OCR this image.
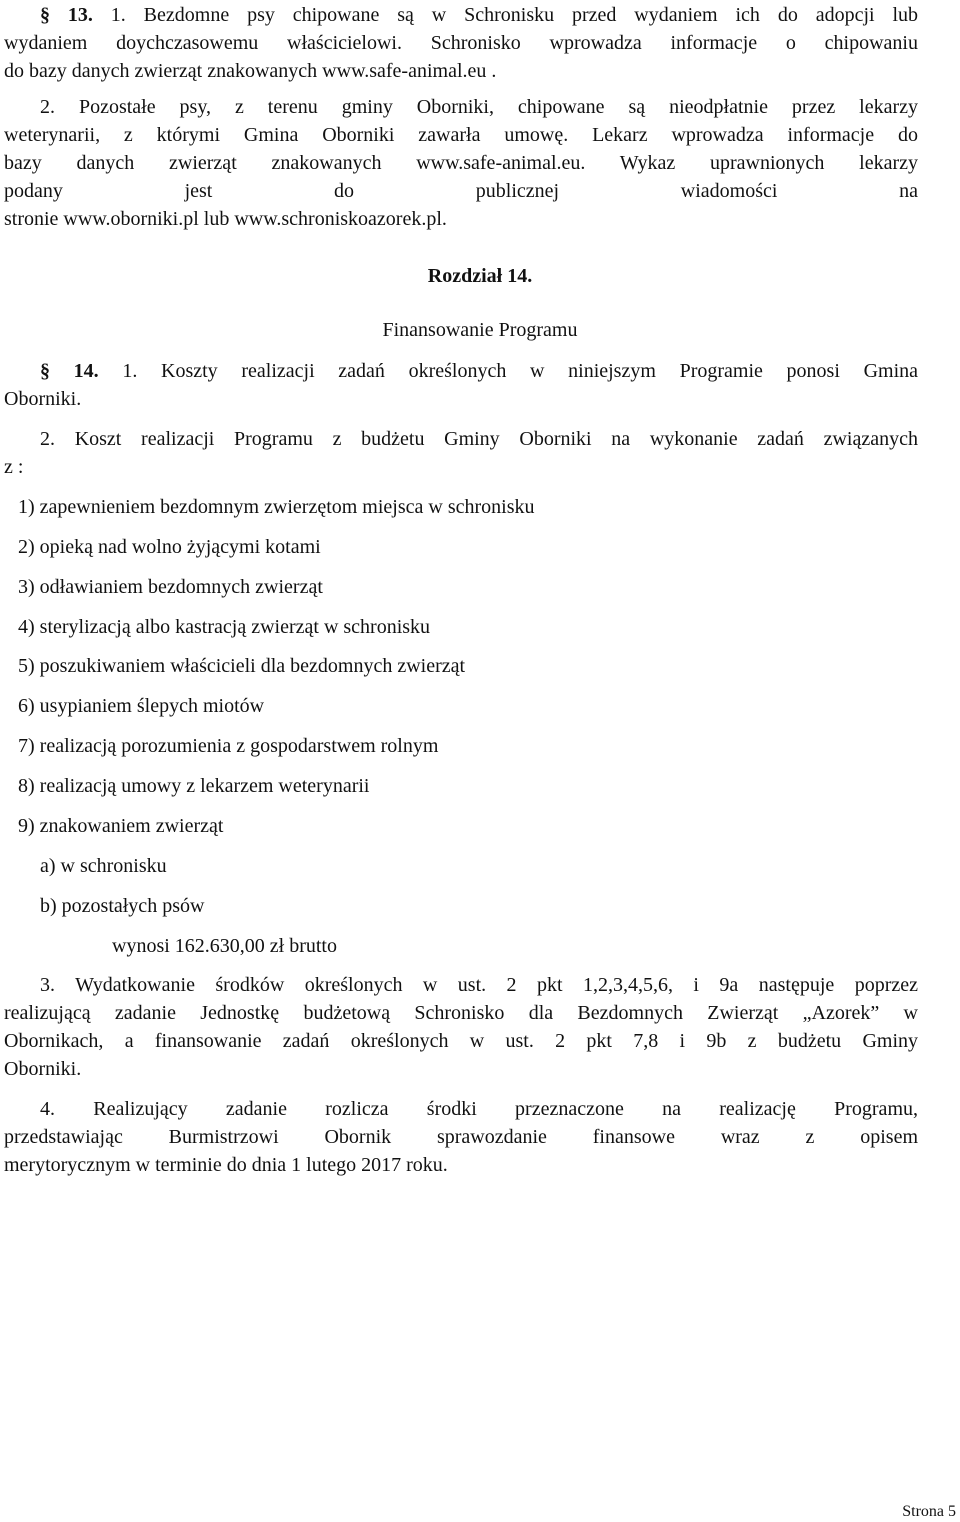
§ 13. 1. Bezdomne psy chipowane są w Schronisku przed wydaniem ich do adopcji lub
wydaniem doychczasowemu właścicielowi. Schronisko wprowadza informacje o chipowaniu
do bazy danych zwierząt znakowanych www.safe-animal.eu .
2. Pozostałe psy, z terenu gminy Oborniki, chipowane są nieodpłatnie przez lekarzy
weterynarii, z którymi Gmina Oborniki zawarła umowę. Lekarz wprowadza informacje do
bazy danych zwierząt znakowanych www.safe-animal.eu. Wykaz uprawnionych lekarzy
podany jest do publicznej wiadomości na
stronie www.oborniki.pl lub www.schroniskoazorek.pl.
Rozdział 14.
Finansowanie Programu
§ 14. 1. Koszty realizacji zadań określonych w niniejszym Programie ponosi Gmina
Oborniki.
2. Koszt realizacji Programu z budżetu Gminy Oborniki na wykonanie zadań związanych
z :
1) zapewnieniem bezdomnym zwierzętom miejsca w schronisku
2) opieką nad wolno żyjącymi kotami
3) odławianiem bezdomnych zwierząt
4) sterylizacją albo kastracją zwierząt w schronisku
5) poszukiwaniem właścicieli dla bezdomnych zwierząt
6) usypianiem ślepych miotów
7) realizacją porozumienia z gospodarstwem rolnym
8) realizacją umowy z lekarzem weterynarii
9) znakowaniem zwierząt
a) w schronisku
b) pozostałych psów
wynosi 162.630,00 zł brutto
3. Wydatkowanie środków określonych w ust. 2 pkt 1,2,3,4,5,6, i 9a następuje poprzez
realizującą zadanie Jednostkę budżetową Schronisko dla Bezdomnych Zwierząt „Azorek” w
Obornikach, a finansowanie zadań określonych w ust. 2 pkt 7,8 i 9b z budżetu Gminy
Oborniki.
4. Realizujący zadanie rozlicza środki przeznaczone na realizację Programu,
przedstawiając Burmistrzowi Obornik sprawozdanie finansowe wraz z opisem
merytorycznym w terminie do dnia 1 lutego 2017 roku.
Strona 5
